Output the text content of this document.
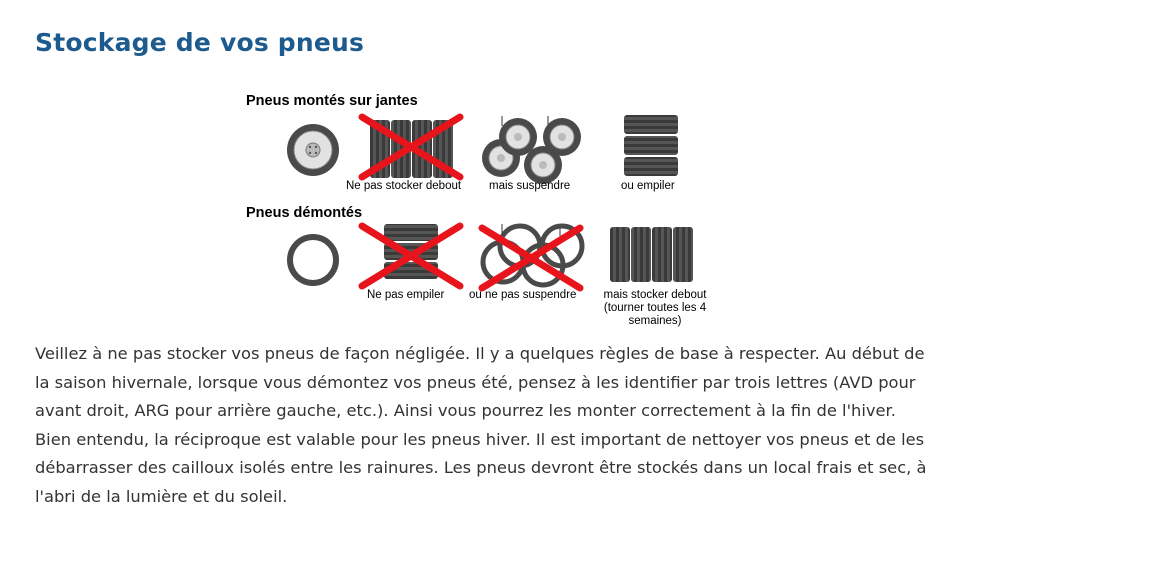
Stockage de vos pneus
Pneus montés sur jantes
Ne pas stocker debout mais suspendre	ou empiler
Pneus démontés
Ne pas empiler ou ne pas suspendre mais stocker debout
(tourner toutes les 4
semaines)

Veillez à ne pas stocker vos pneus de façon négligée. Il y a quelques règles de base à respecter. Au début de la saison hivernale, lorsque vous démontez vos pneus été, pensez à les identifier par trois lettres (AVD pour avant droit, ARG pour arrière gauche, etc.). Ainsi vous pourrez les monter correctement à la fin de l'hiver.

Bien entendu, la réciproque est valable pour les pneus hiver. Il est important de nettoyer vos pneus et de les débarrasser des cailloux isolés entre les rainures. Les pneus devront être stockés dans un local frais et sec, à l'abri de la lumière et du soleil.
